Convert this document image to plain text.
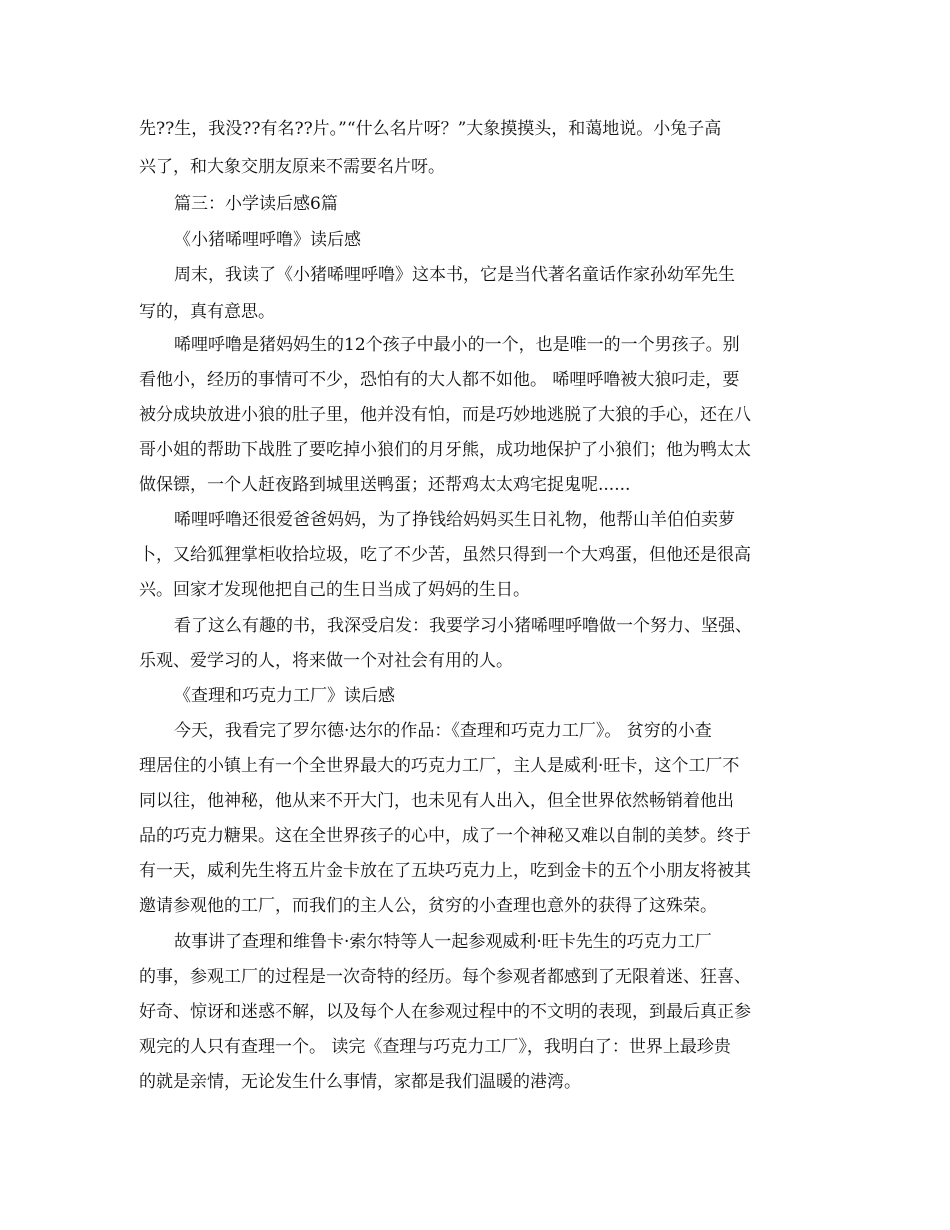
先??生，我没??有名??片。”“什么名片呀？”大象摸摸头，和蔼地说。小兔子高
兴了，和大象交朋友原来不需要名片呀。
篇三：小学读后感6篇
《小猪唏哩呼噜》读后感
周末，我读了《小猪唏哩呼噜》这本书，它是当代著名童话作家孙幼军先生
写的，真有意思。
唏哩呼噜是猪妈妈生的12个孩子中最小的一个，也是唯一的一个男孩子。别
看他小，经历的事情可不少，恐怕有的大人都不如他。 唏哩呼噜被大狼叼走，要
被分成块放进小狼的肚子里，他并没有怕，而是巧妙地逃脱了大狼的手心，还在八
哥小姐的帮助下战胜了要吃掉小狼们的月牙熊，成功地保护了小狼们；他为鸭太太
做保镖，一个人赶夜路到城里送鸭蛋；还帮鸡太太鸡宅捉鬼呢......
唏哩呼噜还很爱爸爸妈妈，为了挣钱给妈妈买生日礼物，他帮山羊伯伯卖萝
卜，又给狐狸掌柜收拾垃圾，吃了不少苦，虽然只得到一个大鸡蛋，但他还是很高
兴。回家才发现他把自己的生日当成了妈妈的生日。
看了这么有趣的书，我深受启发：我要学习小猪唏哩呼噜做一个努力、坚强、
乐观、爱学习的人，将来做一个对社会有用的人。
《查理和巧克力工厂》读后感
今天，我看完了罗尔德·达尔的作品：《查理和巧克力工厂》。 贫穷的小查
理居住的小镇上有一个全世界最大的巧克力工厂，主人是威利·旺卡，这个工厂不
同以往，他神秘，他从来不开大门，也未见有人出入，但全世界依然畅销着他出
品的巧克力糖果。这在全世界孩子的心中，成了一个神秘又难以自制的美梦。终于
有一天，威利先生将五片金卡放在了五块巧克力上，吃到金卡的五个小朋友将被其
邀请参观他的工厂，而我们的主人公，贫穷的小查理也意外的获得了这殊荣。
故事讲了查理和维鲁卡·索尔特等人一起参观威利·旺卡先生的巧克力工厂
的事，参观工厂的过程是一次奇特的经历。每个参观者都感到了无限着迷、狂喜、
好奇、惊讶和迷惑不解，以及每个人在参观过程中的不文明的表现，到最后真正参
观完的人只有查理一个。 读完《查理与巧克力工厂》，我明白了：世界上最珍贵
的就是亲情，无论发生什么事情，家都是我们温暖的港湾。
